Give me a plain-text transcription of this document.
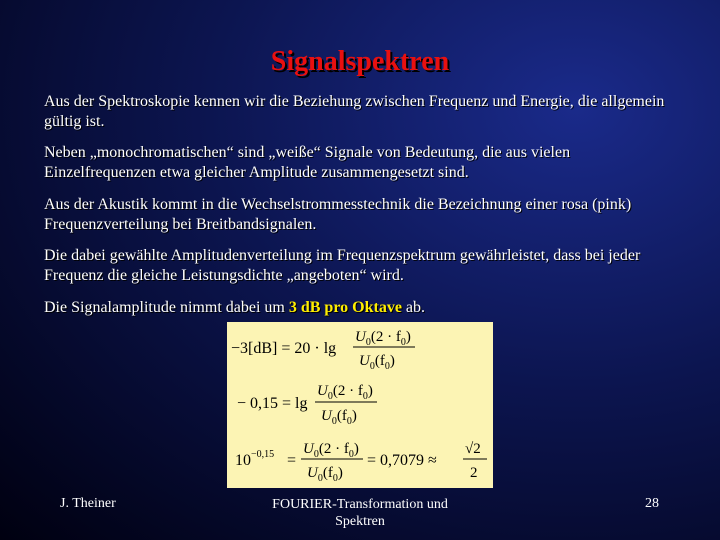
Signalspektren
Aus der Spektroskopie kennen wir die Beziehung zwischen Frequenz und Energie, die allgemein gültig ist.
Neben „monochromatischen“ sind „weiße“ Signale von Bedeutung, die aus vielen Einzelfrequenzen etwa gleicher Amplitude zusammengesetzt sind.
Aus der Akustik kommt in die Wechselstrommesstechnik die Bezeichnung einer rosa (pink) Frequenzverteilung bei Breitbandsignalen.
Die dabei gewählte Amplitudenverteilung im Frequenzspektrum gewährleistet, dass bei jeder Frequenz die gleiche Leistungsdichte „angeboten“ wird.
Die Signalamplitude nimmt dabei um 3 dB pro Oktave ab.
−3[dB] = 20 · lg
$U_0(2 \cdot f_0)$
$U_0(f_0)$
− 0,15 = lg
$U_0(2 \cdot f_0)$
$U_0(f_0)$
$10^{-0,15}$ =
$U_0(2 \cdot f_0)$
$U_0(f_0)$
= 0,7079 ≈
√2
2
J. Theiner	FOURIER-Transformation und Spektren
28
